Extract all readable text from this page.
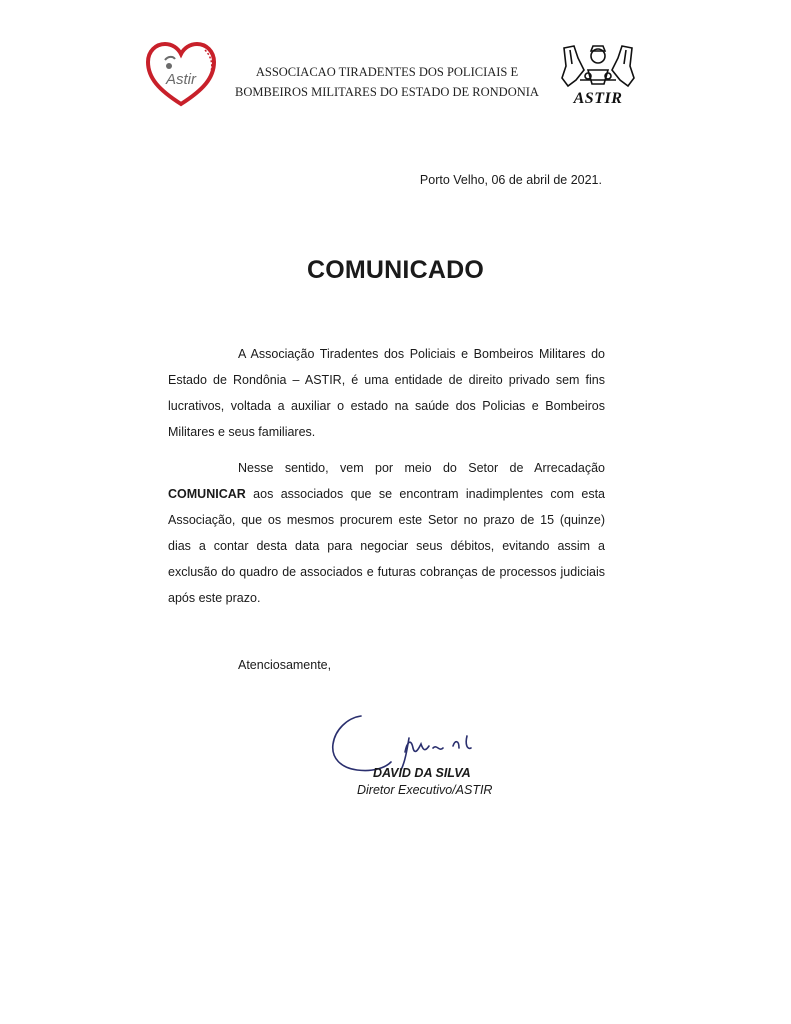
Astir	ASSOCIACAO TIRADENTES DOS POLICIAIS E
BOMBEIROS MILITARES DO ESTADO DE RONDONIA	ASTIR
Porto Velho, 06 de abril de 2021.
COMUNICADO
A Associação Tiradentes dos Policiais e Bombeiros Militares do Estado de Rondônia – ASTIR, é uma entidade de direito privado sem fins lucrativos, voltada a auxiliar o estado na saúde dos Policias e Bombeiros Militares e seus familiares.
Nesse sentido, vem por meio do Setor de Arrecadação COMUNICAR aos associados que se encontram inadimplentes com esta Associação, que os mesmos procurem este Setor no prazo de 15 (quinze) dias a contar desta data para negociar seus débitos, evitando assim a exclusão do quadro de associados e futuras cobranças de processos judiciais após este prazo.
Atenciosamente,
DAVID DA SILVA
Diretor Executivo/ASTIR
